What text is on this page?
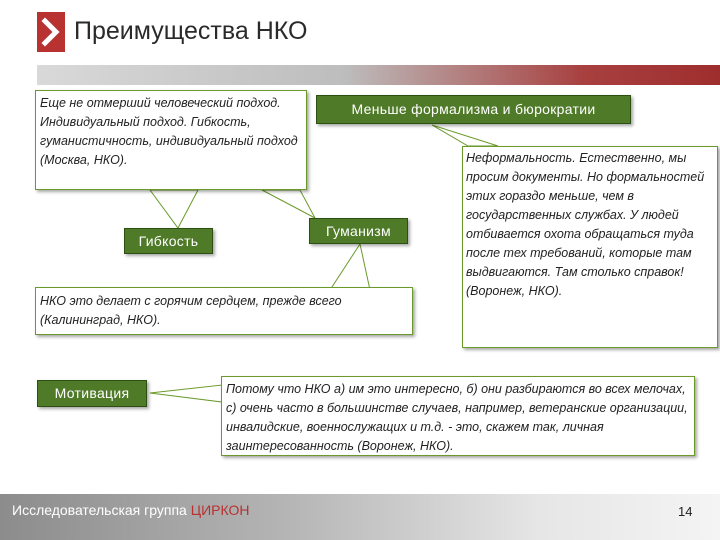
Преимущества НКО
Еще не отмерший человеческий подход. Индивидуальный подход. Гибкость, гуманистичность, индивидуальный подход (Москва, НКО).
НКО это делает с горячим сердцем, прежде всего (Калининград, НКО).
Неформальность. Естественно, мы просим документы. Но формальностей этих гораздо меньше, чем в государственных службах. У людей отбивается охота обращаться туда после тех требований, которые там выдвигаются. Там столько справок! (Воронеж, НКО).
Потому что НКО а) им это интересно, б) они разбираются во всех мелочах, с) очень часто в большинстве случаев, например, ветеранские организации, инвалидские, военнослужащих и т.д. - это, скажем так, личная заинтересованность (Воронеж, НКО).
Гибкость
Гуманизм
Меньше формализма и бюрократии
Мотивация
Исследовательская группа ЦИРКОН	14
